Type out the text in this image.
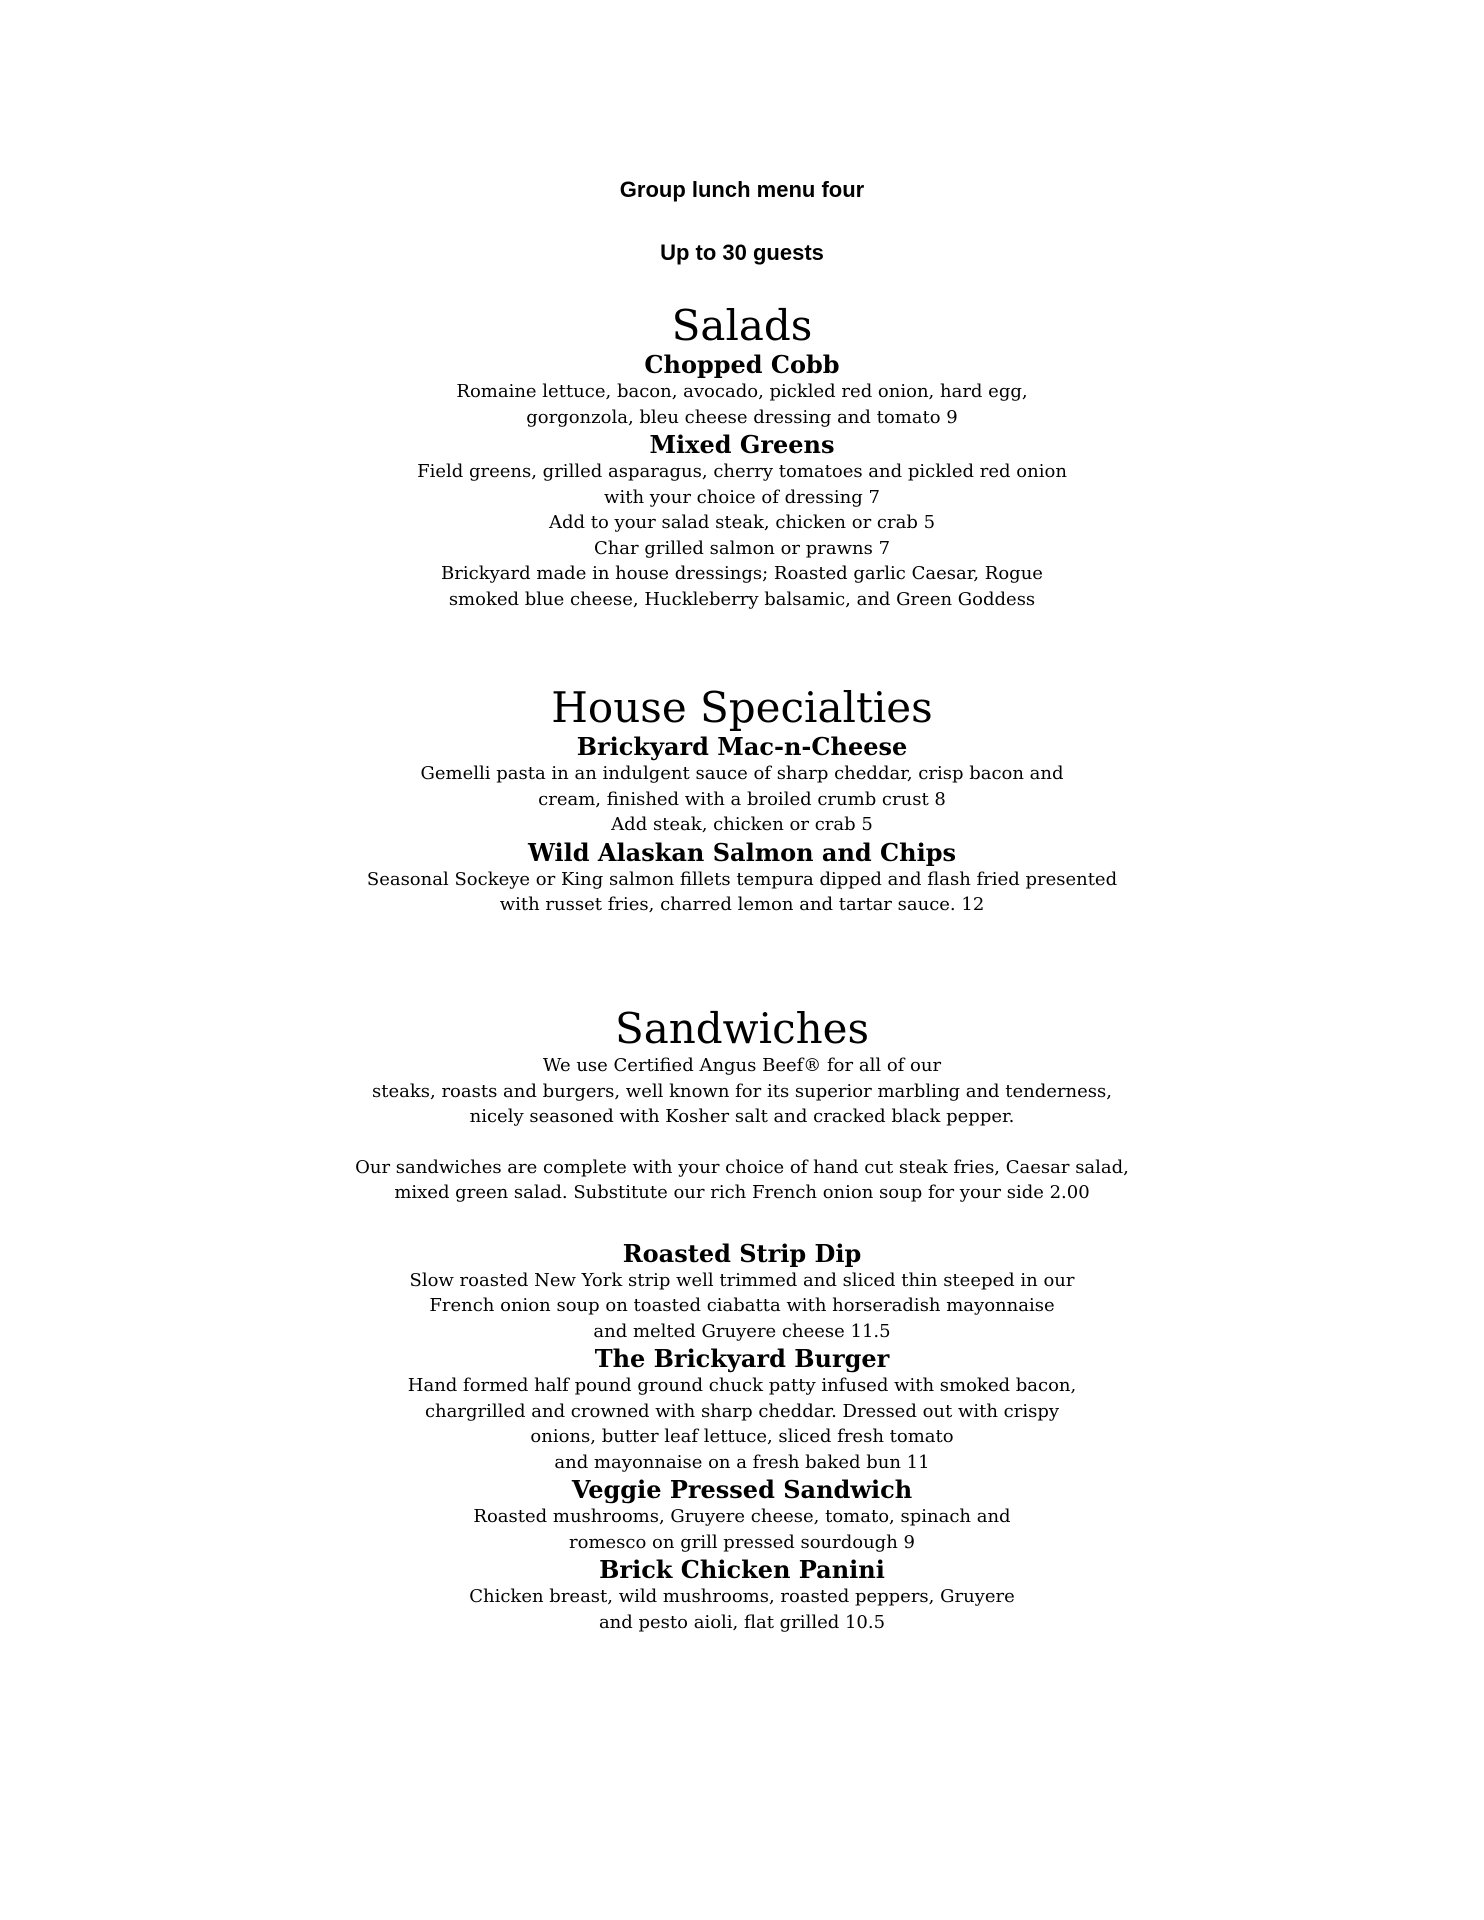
Group lunch menu four
Up to 30 guests
Salads
Chopped Cobb
Romaine lettuce, bacon, avocado, pickled red onion, hard egg,
gorgonzola, bleu cheese dressing and tomato 9
Mixed Greens
Field greens, grilled asparagus, cherry tomatoes and pickled red onion
with your choice of dressing 7
Add to your salad steak, chicken or crab 5
Char grilled salmon or prawns 7
Brickyard made in house dressings; Roasted garlic Caesar, Rogue
smoked blue cheese, Huckleberry balsamic, and Green Goddess
House Specialties
Brickyard Mac-n-Cheese
Gemelli pasta in an indulgent sauce of sharp cheddar, crisp bacon and
cream, finished with a broiled crumb crust 8
Add steak, chicken or crab 5
Wild Alaskan Salmon and Chips
Seasonal Sockeye or King salmon fillets tempura dipped and flash fried presented
with russet fries, charred lemon and tartar sauce. 12
Sandwiches
We use Certified Angus Beef® for all of our
steaks, roasts and burgers, well known for its superior marbling and tenderness,
nicely seasoned with Kosher salt and cracked black pepper.
Our sandwiches are complete with your choice of hand cut steak fries, Caesar salad,
mixed green salad. Substitute our rich French onion soup for your side 2.00
Roasted Strip Dip
Slow roasted New York strip well trimmed and sliced thin steeped in our
French onion soup on toasted ciabatta with horseradish mayonnaise
and melted Gruyere cheese 11.5
The Brickyard Burger
Hand formed half pound ground chuck patty infused with smoked bacon,
chargrilled and crowned with sharp cheddar. Dressed out with crispy
onions, butter leaf lettuce, sliced fresh tomato
and mayonnaise on a fresh baked bun 11
Veggie Pressed Sandwich
Roasted mushrooms, Gruyere cheese, tomato, spinach and
romesco on grill pressed sourdough 9
Brick Chicken Panini
Chicken breast, wild mushrooms, roasted peppers, Gruyere
and pesto aioli, flat grilled 10.5
